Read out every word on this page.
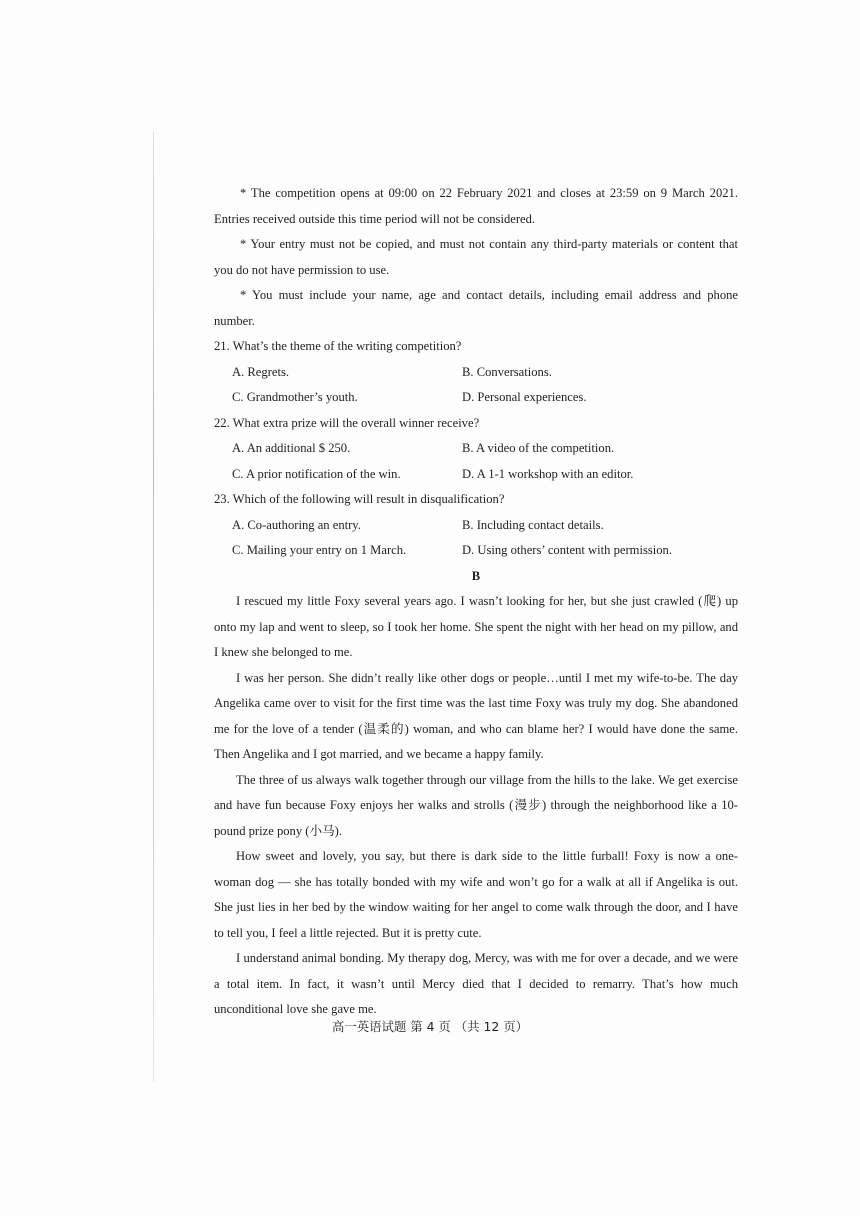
* The competition opens at 09:00 on 22 February 2021 and closes at 23:59 on 9 March 2021. Entries received outside this time period will not be considered.

* Your entry must not be copied, and must not contain any third-party materials or content that you do not have permission to use.

* You must include your name, age and contact details, including email address and phone number.

21. What’s the theme of the writing competition?

A. Regrets.	B. Conversations.
C. Grandmother’s youth.	D. Personal experiences.

22. What extra prize will the overall winner receive?

A. An additional $ 250.	B. A video of the competition.
C. A prior notification of the win.	D. A 1-1 workshop with an editor.

23. Which of the following will result in disqualification?

A. Co-authoring an entry.	B. Including contact details.
C. Mailing your entry on 1 March.	D. Using others’ content with permission.

B

I rescued my little Foxy several years ago. I wasn’t looking for her, but she just crawled (爬) up onto my lap and went to sleep, so I took her home. She spent the night with her head on my pillow, and I knew she belonged to me.

I was her person. She didn’t really like other dogs or people…until I met my wife-to-be. The day Angelika came over to visit for the first time was the last time Foxy was truly my dog. She abandoned me for the love of a tender (温柔的) woman, and who can blame her? I would have done the same. Then Angelika and I got married, and we became a happy family.

The three of us always walk together through our village from the hills to the lake. We get exercise and have fun because Foxy enjoys her walks and strolls (漫步) through the neighborhood like a 10-pound prize pony (小马).

How sweet and lovely, you say, but there is dark side to the little furball! Foxy is now a one-woman dog — she has totally bonded with my wife and won’t go for a walk at all if Angelika is out. She just lies in her bed by the window waiting for her angel to come walk through the door, and I have to tell you, I feel a little rejected. But it is pretty cute.

I understand animal bonding. My therapy dog, Mercy, was with me for over a decade, and we were a total item. In fact, it wasn’t until Mercy died that I decided to remarry. That’s how much unconditional love she gave me.

高一英语试题 第 4 页 （共 12 页）
